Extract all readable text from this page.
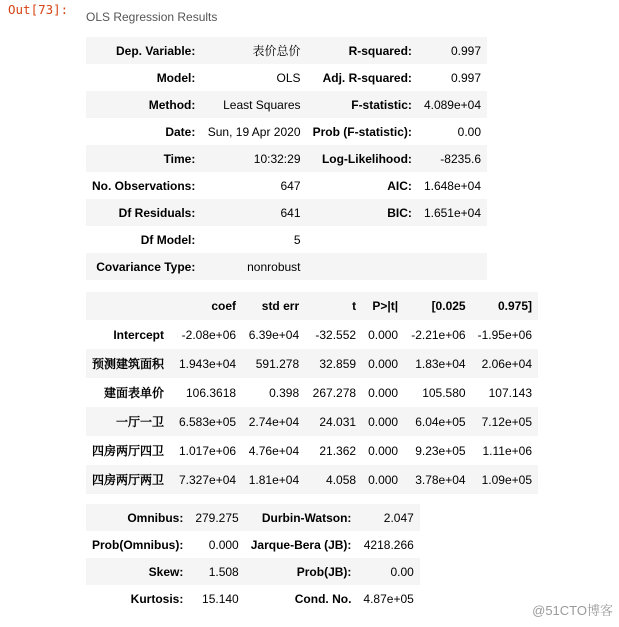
Out[73]: OLS Regression Results
Dep. Variable:	表价总价	R-squared:	0.997
Model:	OLS	Adj. R-squared:	0.997
Method:	Least Squares	F-statistic:	4.089e+04
Date:	Sun, 19 Apr 2020	Prob (F-statistic):	0.00
Time:	10:32:29	Log-Likelihood:	-8235.6
No. Observations:	647	AIC:	1.648e+04
Df Residuals:	641	BIC:	1.651e+04
Df Model:	5		
Covariance Type:	nonrobust		
	coef	std err	t	P>|t|	[0.025	0.975]
Intercept	-2.08e+06	6.39e+04	-32.552	0.000	-2.21e+06	-1.95e+06
预测建筑面积	1.943e+04	591.278	32.859	0.000	1.83e+04	2.06e+04
建面表单价	106.3618	0.398	267.278	0.000	105.580	107.143
一厅一卫	6.583e+05	2.74e+04	24.031	0.000	6.04e+05	7.12e+05
四房两厅四卫	1.017e+06	4.76e+04	21.362	0.000	9.23e+05	1.11e+06
四房两厅两卫	7.327e+04	1.81e+04	4.058	0.000	3.78e+04	1.09e+05
Omnibus:	279.275	Durbin-Watson:	2.047
Prob(Omnibus):	0.000	Jarque-Bera (JB):	4218.266
Skew:	1.508	Prob(JB):	0.00
Kurtosis:	15.140	Cond. No.	4.87e+05
@51CTO博客
